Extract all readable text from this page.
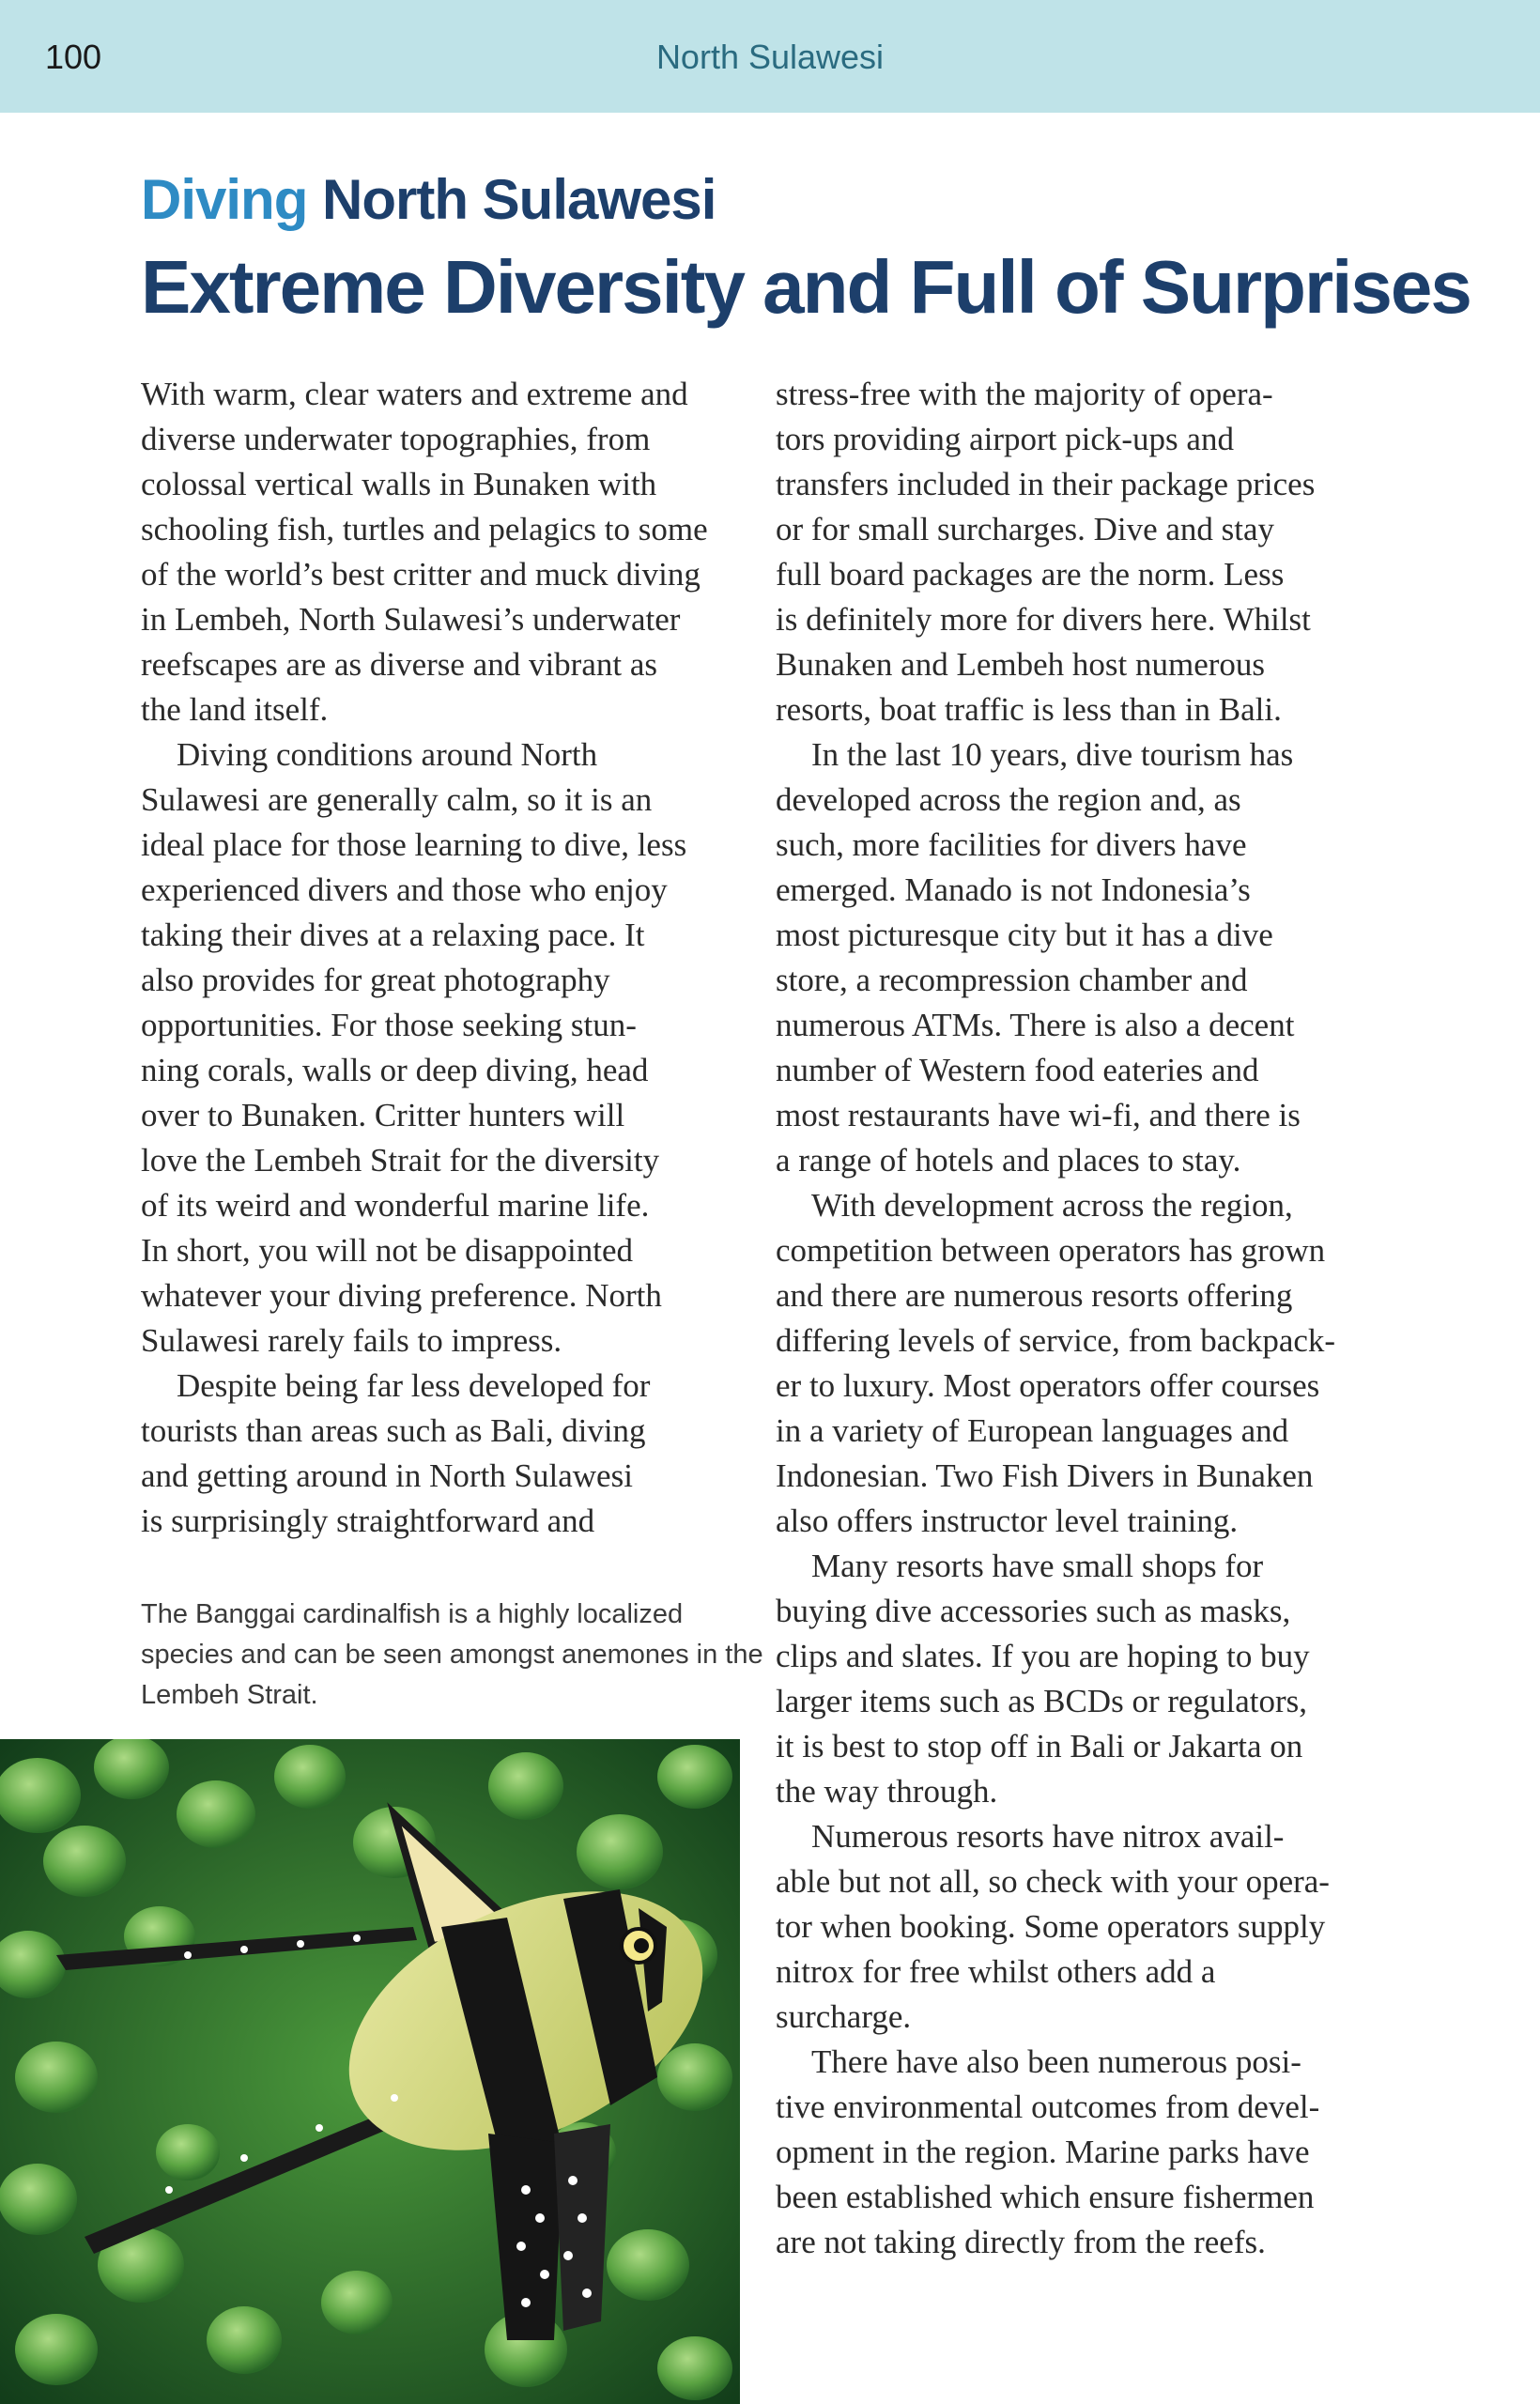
100	North Sulawesi
Diving North Sulawesi
Extreme Diversity and Full of Surprises
With warm, clear waters and extreme and
diverse underwater topographies, from
colossal vertical walls in Bunaken with
schooling fish, turtles and pelagics to some
of the world’s best critter and muck diving
in Lembeh, North Sulawesi’s underwater
reefscapes are as diverse and vibrant as
the land itself.
Diving conditions around North
Sulawesi are generally calm, so it is an
ideal place for those learning to dive, less
experienced divers and those who enjoy
taking their dives at a relaxing pace. It
also provides for great photography
opportunities. For those seeking stun-
ning corals, walls or deep diving, head
over to Bunaken. Critter hunters will
love the Lembeh Strait for the diversity
of its weird and wonderful marine life.
In short, you will not be disappointed
whatever your diving preference. North
Sulawesi rarely fails to impress.
Despite being far less developed for
tourists than areas such as Bali, diving
and getting around in North Sulawesi
is surprisingly straightforward and
stress-free with the majority of opera-
tors providing airport pick-ups and
transfers included in their package prices
or for small surcharges. Dive and stay
full board packages are the norm. Less
is definitely more for divers here. Whilst
Bunaken and Lembeh host numerous
resorts, boat traffic is less than in Bali.
In the last 10 years, dive tourism has
developed across the region and, as
such, more facilities for divers have
emerged. Manado is not Indonesia’s
most picturesque city but it has a dive
store, a recompression chamber and
numerous ATMs. There is also a decent
number of Western food eateries and
most restaurants have wi-fi, and there is
a range of hotels and places to stay.
With development across the region,
competition between operators has grown
and there are numerous resorts offering
differing levels of service, from backpack-
er to luxury. Most operators offer courses
in a variety of European languages and
Indonesian. Two Fish Divers in Bunaken
also offers instructor level training.
Many resorts have small shops for
buying dive accessories such as masks,
clips and slates. If you are hoping to buy
larger items such as BCDs or regulators,
it is best to stop off in Bali or Jakarta on
the way through.
Numerous resorts have nitrox avail-
able but not all, so check with your opera-
tor when booking. Some operators supply
nitrox for free whilst others add a
surcharge.
There have also been numerous posi-
tive environmental outcomes from devel-
opment in the region. Marine parks have
been established which ensure fishermen
are not taking directly from the reefs.
The Banggai cardinalfish is a highly localized
species and can be seen amongst anemones in the
Lembeh Strait.
